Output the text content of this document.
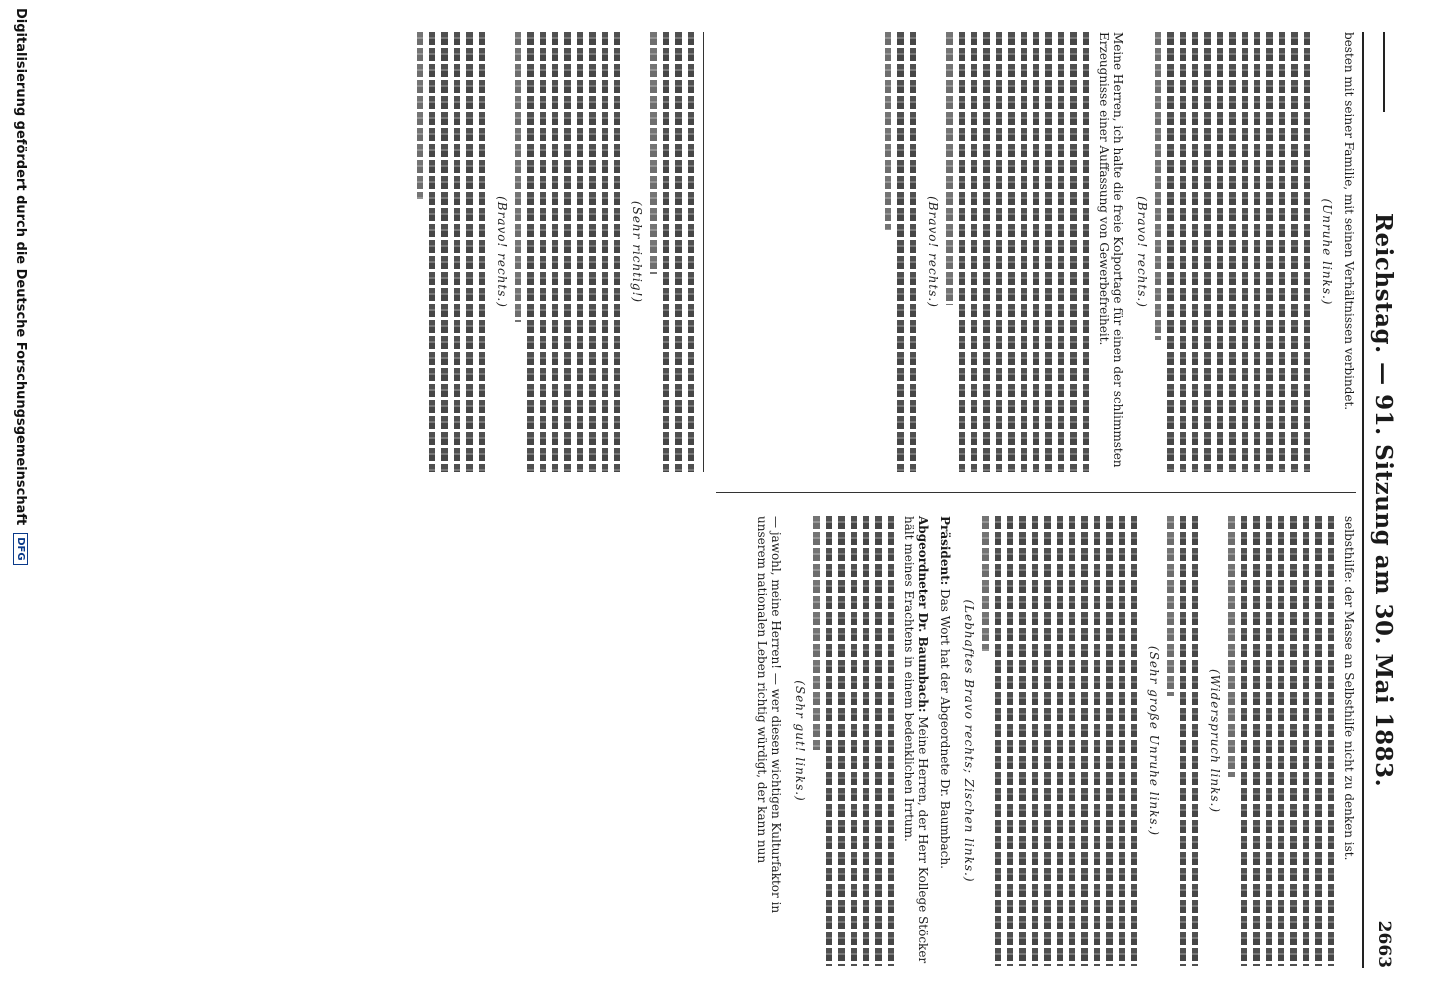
Reichstag. — 91. Sitzung am 30. Mai 1883.
2663

besten mit seiner Familie, mit seinen Verhältnissen verbindet.

(Unruhe links.)
(Bravo! rechts.)

Meine Herren, ich halte die freie Kolportage für einen der schlimmsten Erzeugnisse einer Auffassung von Gewerbefreiheit.

(Bravo! rechts.)

selbsthilfe: der Masse an Selbsthilfe nicht zu denken ist.

(Widerspruch links.)
(Sehr große Unruhe links.)
(Lebhaftes Bravo rechts; Zischen links.)

Präsident: Das Wort hat der Abgeordnete Dr. Baumbach.

Abgeordneter Dr. Baumbach: Meine Herren, der Herr Kollege Stöcker hält meines Erachtens in einem bedenklichen Irrtum.

(Sehr gut! links.)

— jawohl, meine Herren! — wer diesen wichtigen Kulturfaktor in unserem nationalen Leben richtig würdigt, der kann nun

(Sehr richtig!)
(Bravo! rechts.)
Digitalisierung gefördert durch die Deutsche Forschungsgemeinschaft
DFG
